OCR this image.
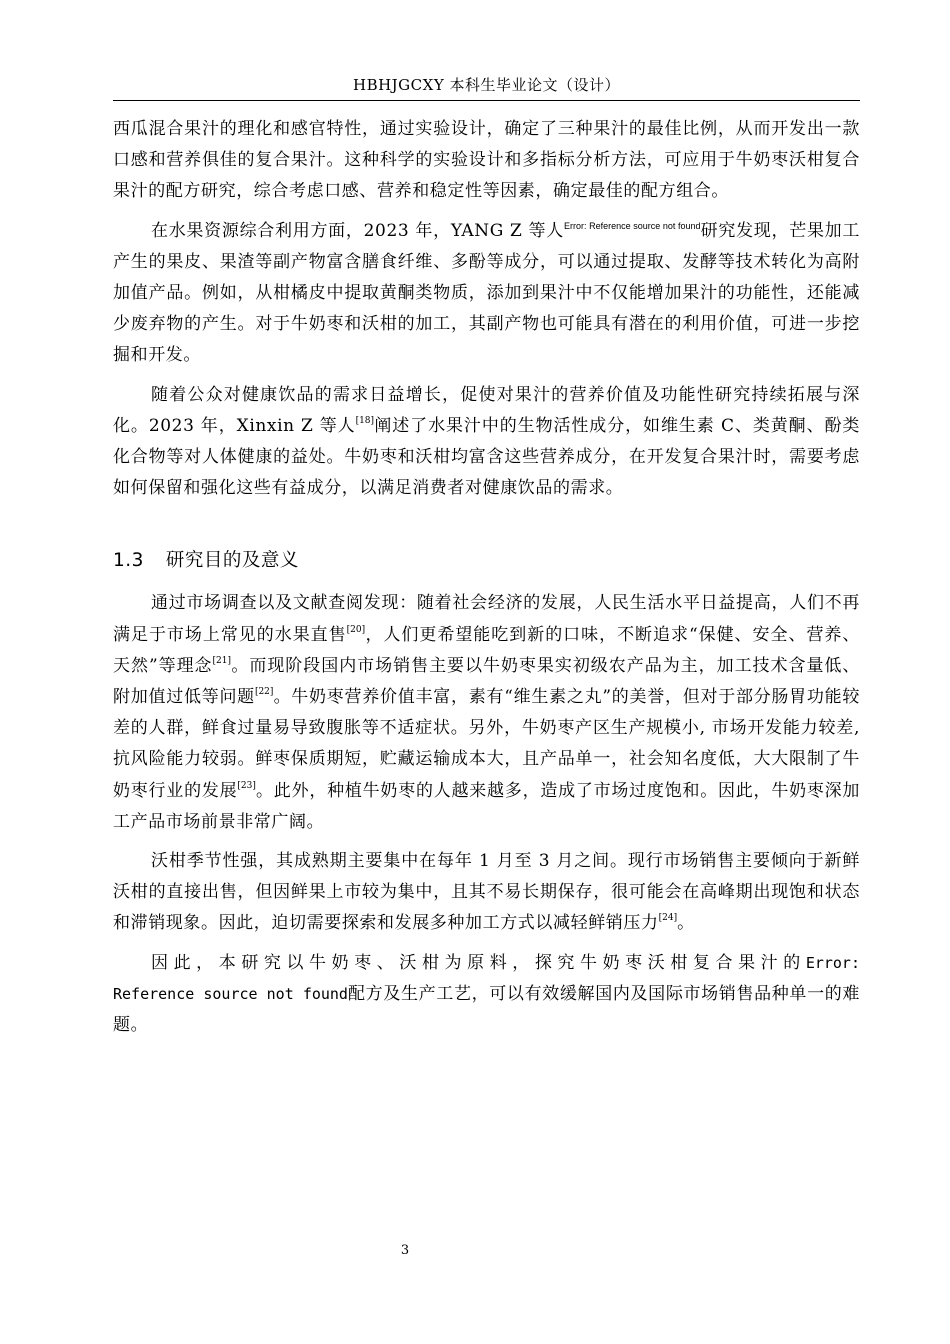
HBHJGCXY 本科生毕业论文（设计）

西瓜混合果汁的理化和感官特性，通过实验设计，确定了三种果汁的最佳比例，从而开发出一款口感和营养俱佳的复合果汁。这种科学的实验设计和多指标分析方法，可应用于牛奶枣沃柑复合果汁的配方研究，综合考虑口感、营养和稳定性等因素，确定最佳的配方组合。

在水果资源综合利用方面，2023 年，YANG Z 等人$^{Error: Reference source not found}$研究发现，芒果加工产生的果皮、果渣等副产物富含膳食纤维、多酚等成分，可以通过提取、发酵等技术转化为高附加值产品。例如，从柑橘皮中提取黄酮类物质，添加到果汁中不仅能增加果汁的功能性，还能减少废弃物的产生。对于牛奶枣和沃柑的加工，其副产物也可能具有潜在的利用价值，可进一步挖掘和开发。

随着公众对健康饮品的需求日益增长，促使对果汁的营养价值及功能性研究持续拓展与深化。2023 年，Xinxin Z 等人[18]阐述了水果汁中的生物活性成分，如维生素 C、类黄酮、酚类化合物等对人体健康的益处。牛奶枣和沃柑均富含这些营养成分，在开发复合果汁时，需要考虑如何保留和强化这些有益成分，以满足消费者对健康饮品的需求。

1.3 研究目的及意义

通过市场调查以及文献查阅发现：随着社会经济的发展，人民生活水平日益提高，人们不再满足于市场上常见的水果直售[20]，人们更希望能吃到新的口味，不断追求“保健、安全、营养、天然”等理念[21]。而现阶段国内市场销售主要以牛奶枣果实初级农产品为主，加工技术含量低、附加值过低等问题[22]。牛奶枣营养价值丰富，素有“维生素之丸”的美誉，但对于部分肠胃功能较差的人群，鲜食过量易导致腹胀等不适症状。另外，牛奶枣产区生产规模小, 市场开发能力较差, 抗风险能力较弱。鲜枣保质期短，贮藏运输成本大，且产品单一，社会知名度低，大大限制了牛奶枣行业的发展[23]。此外，种植牛奶枣的人越来越多，造成了市场过度饱和。因此，牛奶枣深加工产品市场前景非常广阔。

沃柑季节性强，其成熟期主要集中在每年 1 月至 3 月之间。现行市场销售主要倾向于新鲜沃柑的直接出售，但因鲜果上市较为集中，且其不易长期保存，很可能会在高峰期出现饱和状态和滞销现象。因此，迫切需要探索和发展多种加工方式以减轻鲜销压力[24]。

因此，本研究以牛奶枣、沃柑为原料，探究牛奶枣沃柑复合果汁的Error: Reference source not found配方及生产工艺，可以有效缓解国内及国际市场销售品种单一的难题。

3
